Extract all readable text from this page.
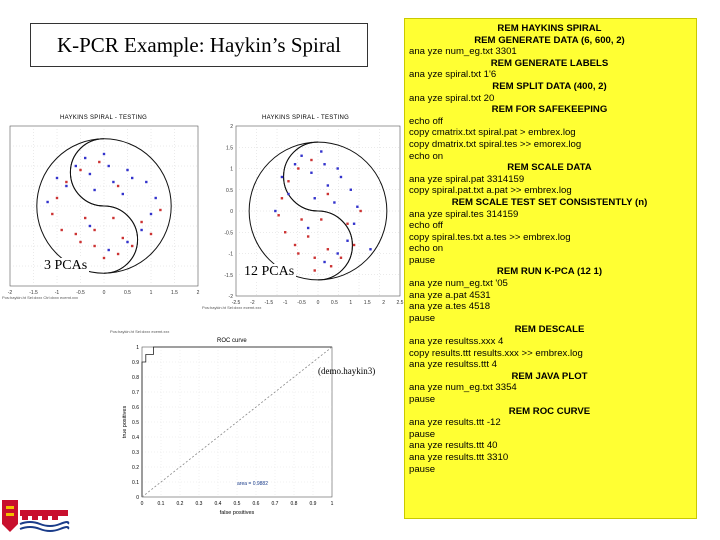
K-PCR Example: Haykin’s Spiral
HAYKINS SPIRAL - TESTING
-2	-1.5	-1	-0.5	0	0.5	1	1.5	2
Pos:haykin.ht Sel:dxxx Ctrl:dxxx ecemt.xxx
HAYKINS SPIRAL - TESTING
-2.5 -2 -1.5 -1 -0.5 0 0.5 1 1.5 2 2.5
2
1.5
1
0.5
0
-0.5
-1
-1.5
-2
Pos:haykin.ht Sel:dxxx ecemt.xxx
3 PCAs	12 PCAs
Pos:haykin.ht Sel:dxxx ecemt.xxx
ROC curve
0	0.1 0.2 0.3 0.4 0.5 0.6 0.7 0.8 0.9	1
1
0.9
0.8
0.7
0.6
0.5
0.4
0.3
0.2
0.1
0
false positives
true positives
area = 0.9882
(demo.haykin3)
REM HAYKINS SPIRAL
REM GENERATE DATA (6, 600, 2)
ana yze num_eg.txt 3301
REM GENERATE LABELS
ana yze spiral.txt 1'6
REM SPLIT DATA (400, 2)
ana yze spiral.txt 20
REM FOR SAFEKEEPING
echo off
copy cmatrix.txt spiral.pat > embrex.log
copy dmatrix.txt spiral.tes >> emorex.log
echo on
REM SCALE DATA
ana yze spiral.pat 3314159
copy spiral.pat.txt a.pat >> embrex.log
REM SCALE TEST SET CONSISTENTLY (n)
ana yze spiral.tes 314159
echo off
copy spiral.tes.txt a.tes >> embrex.log
echo on
pause
REM RUN K-PCA (12 1)
ana yze num_eg.txt '05
ana yze a.pat 4531
ana yze a.tes 4518
pause
REM DESCALE
ana yze resultss.xxx 4
copy results.ttt results.xxx >> embrex.log
ana yze resultss.ttt 4
REM JAVA PLOT
ana yze num_eg.txt 3354
pause
REM ROC CURVE
ana yze results.ttt -12
pause
ana yze results.ttt 40
ana yze results.ttt 3310
pause
